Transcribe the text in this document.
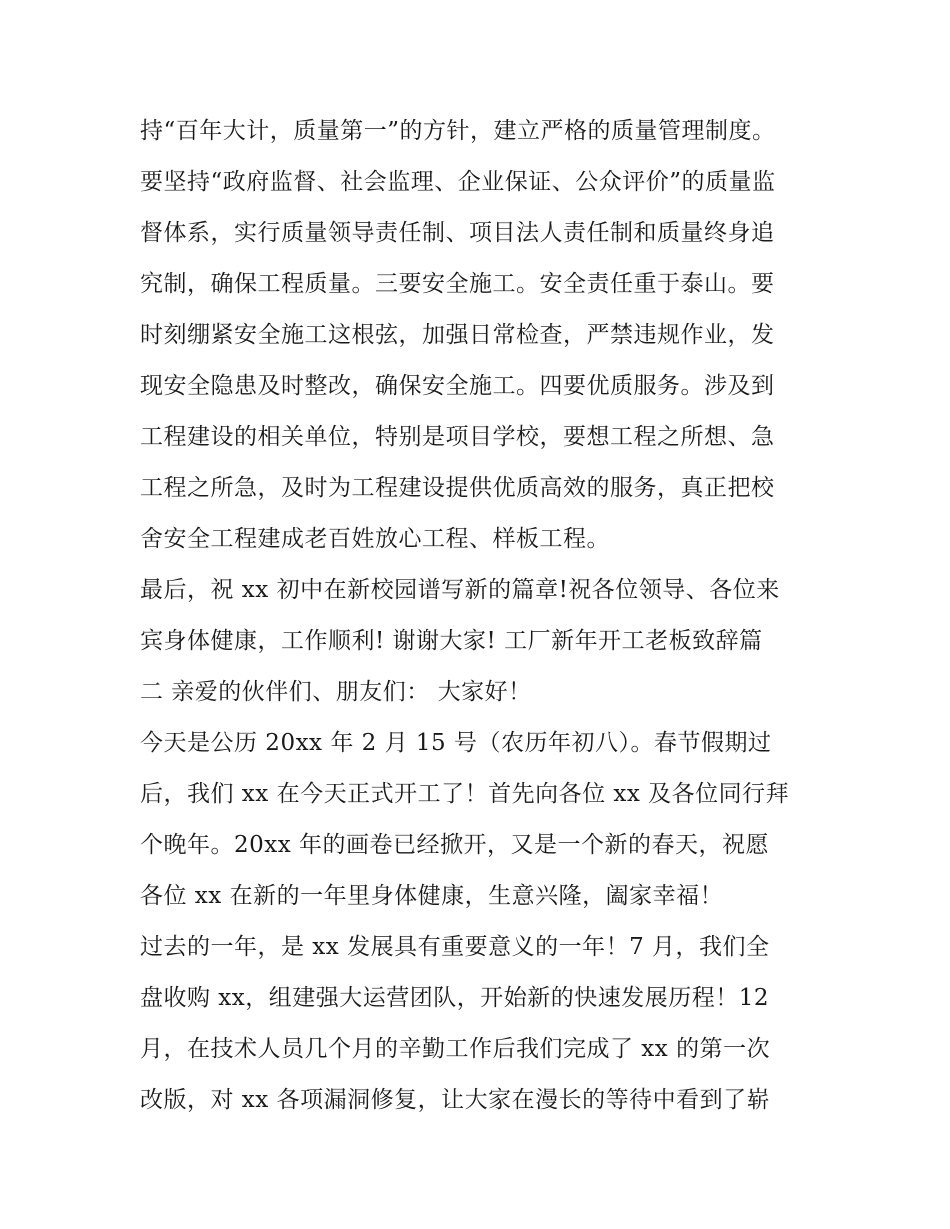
持“百年大计，质量第一”的方针，建立严格的质量管理制度。
要坚持“政府监督、社会监理、企业保证、公众评价”的质量监
督体系，实行质量领导责任制、项目法人责任制和质量终身追
究制，确保工程质量。三要安全施工。安全责任重于泰山。要
时刻绷紧安全施工这根弦，加强日常检查，严禁违规作业，发
现安全隐患及时整改，确保安全施工。四要优质服务。涉及到
工程建设的相关单位，特别是项目学校，要想工程之所想、急
工程之所急，及时为工程建设提供优质高效的服务，真正把校
舍安全工程建成老百姓放心工程、样板工程。
最后，祝 xx 初中在新校园谱写新的篇章!祝各位领导、各位来
宾身体健康，工作顺利! 谢谢大家! 工厂新年开工老板致辞篇
二 亲爱的伙伴们、朋友们： 大家好！
今天是公历 20xx 年 2 月 15 号（农历年初八）。春节假期过
后，我们 xx 在今天正式开工了！首先向各位 xx 及各位同行拜
个晚年。20xx 年的画卷已经掀开，又是一个新的春天，祝愿
各位 xx 在新的一年里身体健康，生意兴隆，阖家幸福！
过去的一年，是 xx 发展具有重要意义的一年！7 月，我们全
盘收购 xx，组建强大运营团队，开始新的快速发展历程！12
月，在技术人员几个月的辛勤工作后我们完成了 xx 的第一次
改版，对 xx 各项漏洞修复，让大家在漫长的等待中看到了崭
